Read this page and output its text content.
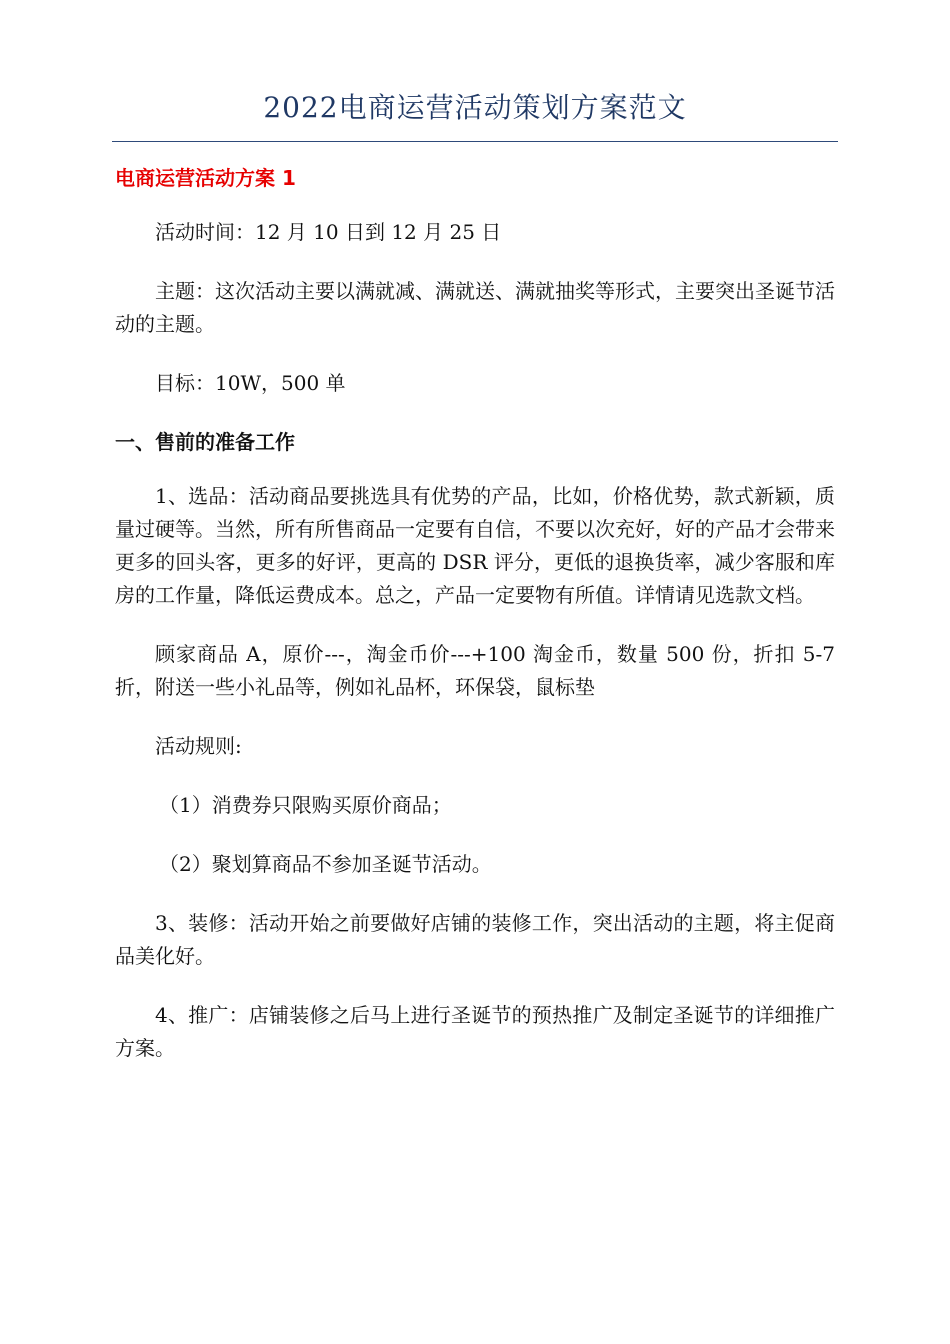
2022电商运营活动策划方案范文
电商运营活动方案 1

活动时间：12 月 10 日到 12 月 25 日

主题：这次活动主要以满就减、满就送、满就抽奖等形式，主要突出圣诞节活动的主题。

目标：10W，500 单

一、售前的准备工作

1、选品：活动商品要挑选具有优势的产品，比如，价格优势，款式新颖，质量过硬等。当然，所有所售商品一定要有自信，不要以次充好，好的产品才会带来更多的回头客，更多的好评，更高的 DSR 评分，更低的退换货率，减少客服和库房的工作量，降低运费成本。总之，产品一定要物有所值。详情请见选款文档。

顾家商品 A，原价---，淘金币价---+100 淘金币，数量 500 份，折扣 5-7 折，附送一些小礼品等，例如礼品杯，环保袋，鼠标垫

活动规则:

（1）消费券只限购买原价商品；

（2）聚划算商品不参加圣诞节活动。

3、装修：活动开始之前要做好店铺的装修工作，突出活动的主题，将主促商品美化好。

4、推广：店铺装修之后马上进行圣诞节的预热推广及制定圣诞节的详细推广方案。
